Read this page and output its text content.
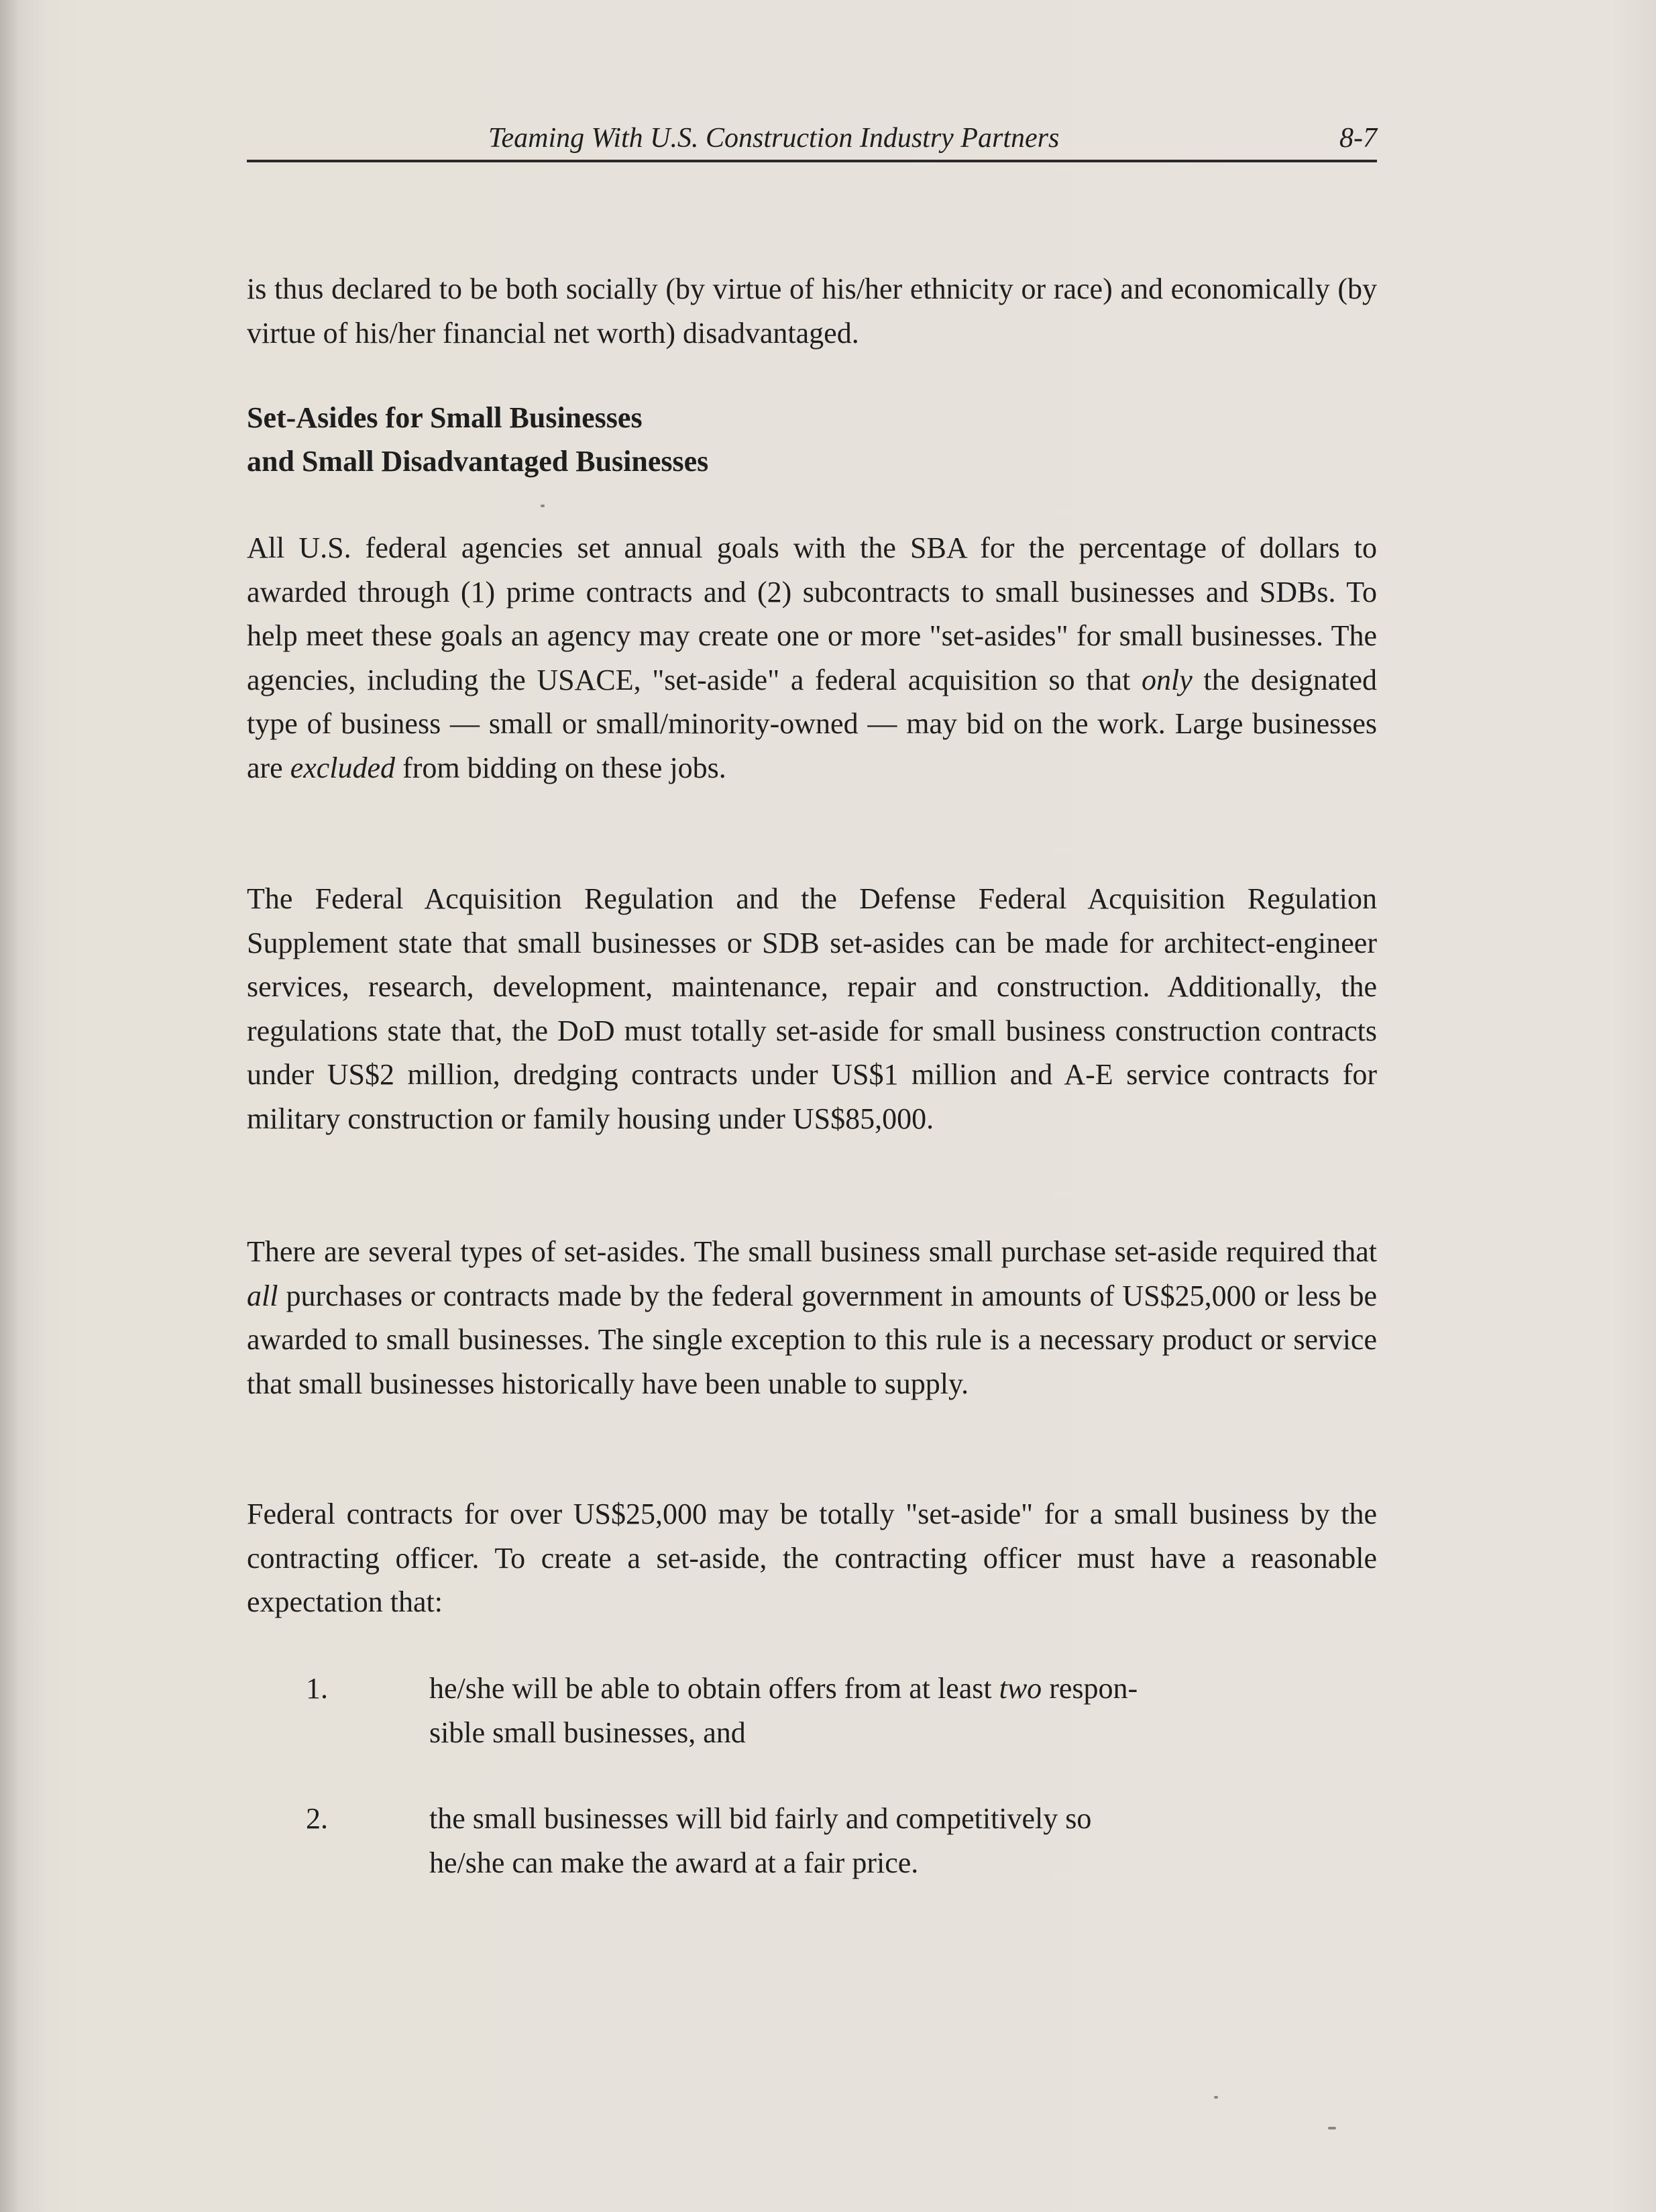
Teaming With U.S. Construction Industry Partners	8-7
is thus declared to be both socially (by virtue of his/her ethnicity or race) and economically (by virtue of his/her financial net worth) disadvantaged.
Set-Asides for Small Businesses
and Small Disadvantaged Businesses
All U.S. federal agencies set annual goals with the SBA for the percentage of dollars to awarded through (1) prime contracts and (2) subcontracts to small businesses and SDBs. To help meet these goals an agency may create one or more "set-asides" for small businesses. The agencies, including the USACE, "set-aside" a federal acquisition so that only the designated type of business — small or small/minority-owned — may bid on the work. Large businesses are excluded from bidding on these jobs.
The Federal Acquisition Regulation and the Defense Federal Acquisition Regulation Supplement state that small businesses or SDB set-asides can be made for architect-engineer services, research, development, maintenance, repair and construction. Additionally, the regulations state that, the DoD must totally set-aside for small business construction contracts under US$2 million, dredging contracts under US$1 million and A-E service contracts for military construction or family housing under US$85,000.
There are several types of set-asides. The small business small purchase set-aside required that all purchases or contracts made by the federal government in amounts of US$25,000 or less be awarded to small businesses. The single exception to this rule is a necessary product or service that small businesses historically have been unable to supply.
Federal contracts for over US$25,000 may be totally "set-aside" for a small business by the contracting officer. To create a set-aside, the contracting officer must have a reasonable expectation that:
1.	he/she will be able to obtain offers from at least two respon-
sible small businesses, and
2.	the small businesses will bid fairly and competitively so
he/she can make the award at a fair price.
